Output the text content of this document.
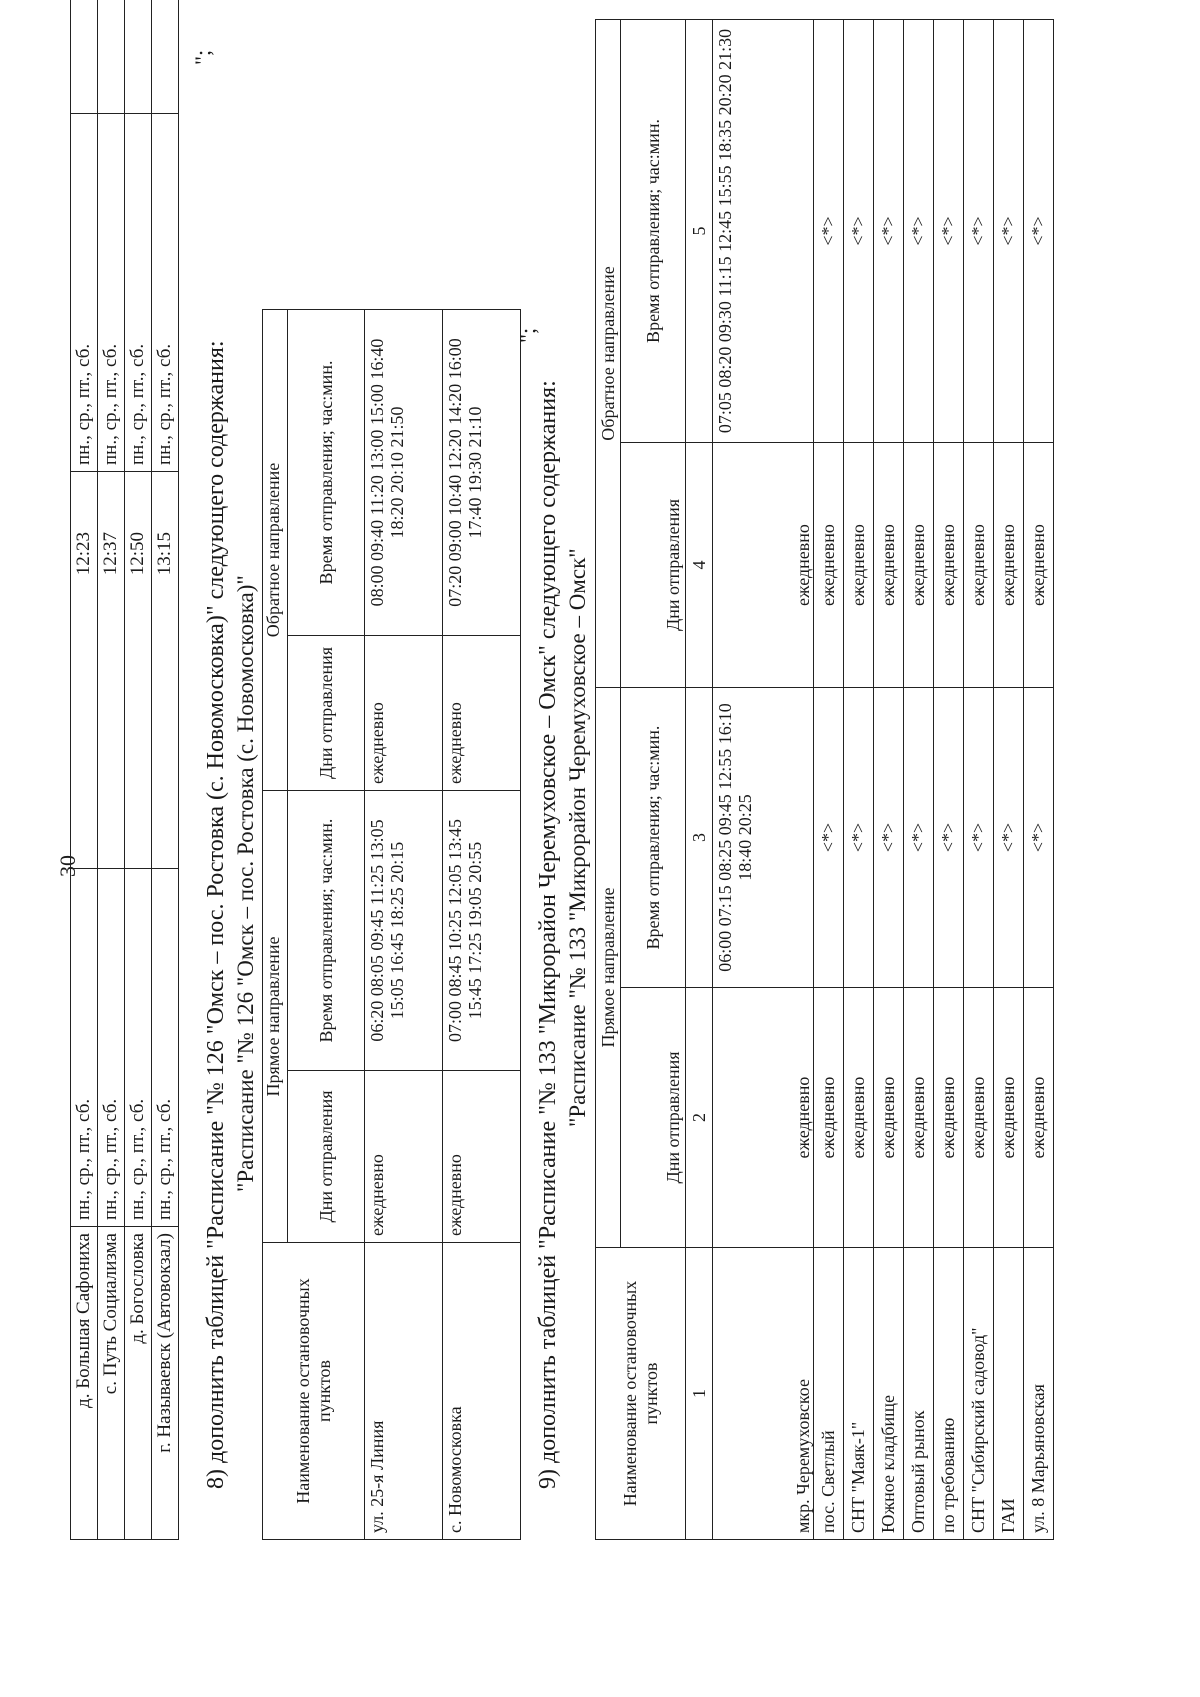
30
д. Большая Сафониха	пн., ср., пт., сб.	12:23	пн., ср., пт., сб.	
с. Путь Социализма	пн., ср., пт., сб.	12:37	пн., ср., пт., сб.	
д. Богословка	пн., ср., пт., сб.	12:50	пн., ср., пт., сб.	
г. Называевск (Автовокзал)	пн., ср., пт., сб.	13:15	пн., ср., пт., сб.	
";
8) дополнить таблицей "Расписание "№ 126 "Омск – пос. Ростовка (с. Новомосковка)" следующего содержания: "Расписание "№ 126 "Омск – пос. Ростовка (с. Новомосковка)"
Наименование остановочных пунктов	Прямое направление		Обратное направление	
	Дни отправления	Время отправления; час:мин.	Дни отправления	Время отправления; час:мин.
ул. 25-я Линия	ежедневно	06:20 08:05 09:45 11:25 13:05 15:05 16:45 18:25 20:15	ежедневно	08:00 09:40 11:20 13:00 15:00 16:40 18:20 20:10 21:50
с. Новомосковка	ежедневно	07:00 08:45 10:25 12:05 13:45 15:45 17:25 19:05 20:55	ежедневно	07:20 09:00 10:40 12:20 14:20 16:00 17:40 19:30 21:10
";
9) дополнить таблицей "Расписание "№ 133 "Микрорайон Черемуховское – Омск" следующего содержания: "Расписание "№ 133 "Микрорайон Черемуховское – Омск"
Наименование остановочных пунктов	Прямое направление		Обратное направление	
	Дни отправления	Время отправления; час:мин.	Дни отправления	Время отправления; час:мин.
1	2	3	4	5
мкр. Черемуховское	ежедневно	06:00 07:15 08:25 09:45 12:55 16:10 18:40 20:25	ежедневно	07:05 08:20 09:30 11:15 12:45 15:55 18:35 20:20 21:30
пос. Светлый	ежедневно	<*>	ежедневно	<*>
СНТ "Маяк-1"	ежедневно	<*>	ежедневно	<*>
Южное кладбище	ежедневно	<*>	ежедневно	<*>
Оптовый рынок	ежедневно	<*>	ежедневно	<*>
по требованию	ежедневно	<*>	ежедневно	<*>
СНТ "Сибирский садовод"	ежедневно	<*>	ежедневно	<*>
ГАИ	ежедневно	<*>	ежедневно	<*>
ул. 8 Марьяновская	ежедневно	<*>	ежедневно	<*>
